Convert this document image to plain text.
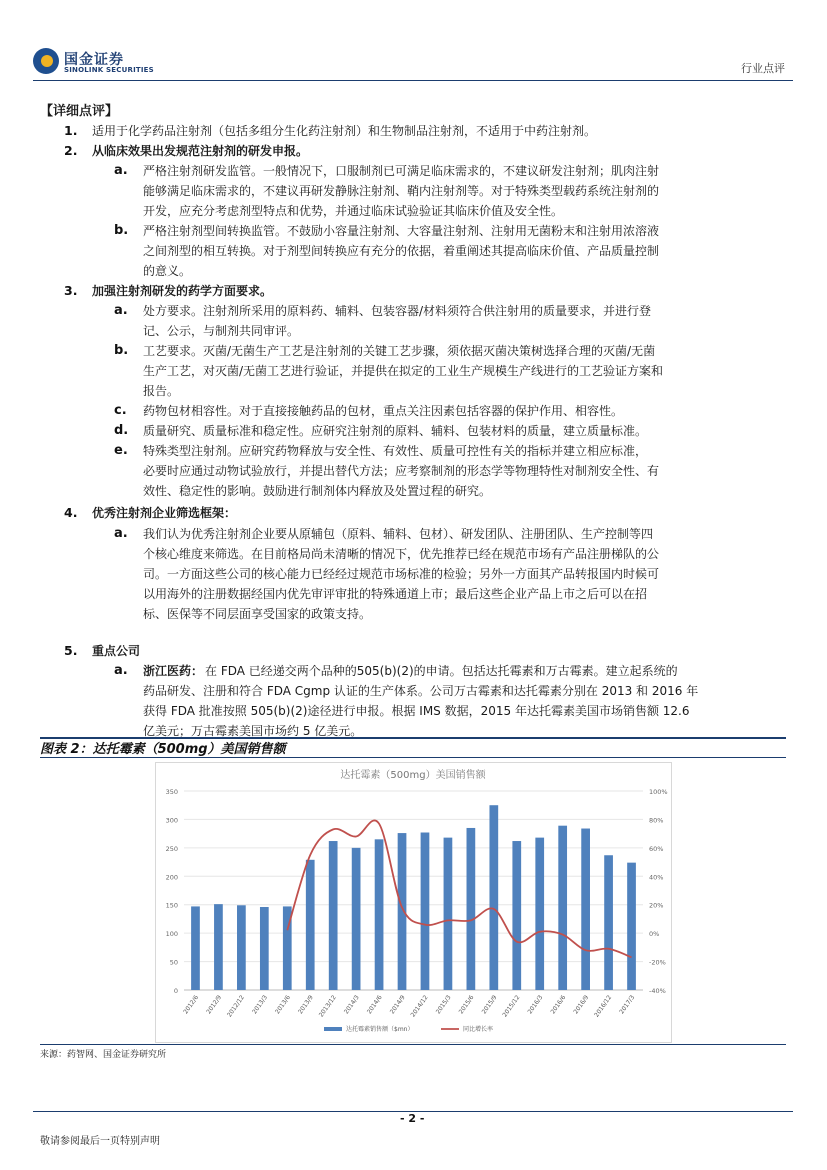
国金证券
SINOLINK SECURITIES	行业点评
【详细点评】
1. 适用于化学药品注射剂（包括多组分生化药注射剂）和生物制品注射剂，不适用于中药注射剂。
2. 从临床效果出发规范注射剂的研发申报。
a. 严格注射剂研发监管。一般情况下，口服制剂已可满足临床需求的，不建议研发注射剂；肌肉注射
能够满足临床需求的，不建议再研发静脉注射剂、鞘内注射剂等。对于特殊类型载药系统注射剂的
开发，应充分考虑剂型特点和优势，并通过临床试验验证其临床价值及安全性。
b. 严格注射剂型间转换监管。不鼓励小容量注射剂、大容量注射剂、注射用无菌粉末和注射用浓溶液
之间剂型的相互转换。对于剂型间转换应有充分的依据，着重阐述其提高临床价值、产品质量控制
的意义。
3. 加强注射剂研发的药学方面要求。
a. 处方要求。注射剂所采用的原料药、辅料、包装容器/材料须符合供注射用的质量要求，并进行登
记、公示，与制剂共同审评。
b. 工艺要求。灭菌/无菌生产工艺是注射剂的关键工艺步骤，须依据灭菌决策树选择合理的灭菌/无菌
生产工艺，对灭菌/无菌工艺进行验证，并提供在拟定的工业生产规模生产线进行的工艺验证方案和
报告。
c. 药物包材相容性。对于直接接触药品的包材，重点关注因素包括容器的保护作用、相容性。
d. 质量研究、质量标准和稳定性。应研究注射剂的原料、辅料、包装材料的质量，建立质量标准。
e. 特殊类型注射剂。应研究药物释放与安全性、有效性、质量可控性有关的指标并建立相应标准，
必要时应通过动物试验放行，并提出替代方法；应考察制剂的形态学等物理特性对制剂安全性、有
效性、稳定性的影响。鼓励进行制剂体内释放及处置过程的研究。
4. 优秀注射剂企业筛选框架：
a. 我们认为优秀注射剂企业要从原辅包（原料、辅料、包材）、研发团队、注册团队、生产控制等四
个核心维度来筛选。在目前格局尚未清晰的情况下，优先推荐已经在规范市场有产品注册梯队的公
司。一方面这些公司的核心能力已经经过规范市场标准的检验；另外一方面其产品转报国内时候可
以用海外的注册数据经国内优先审评审批的特殊通道上市；最后这些企业产品上市之后可以在招
标、医保等不同层面享受国家的政策支持。
5. 重点公司
a. 浙江医药：
药品研发、注册和符合 FDA Cgmp 认证的生产体系。公司万古霉素和达托霉素分别在 2013 和 2016 年
获得 FDA 批准按照 505(b)(2)途径进行申报。根据 IMS 数据，2015 年达托霉素美国市场销售额 12.6
亿美元；万古霉素美国市场约 5 亿美元。
在 FDA 已经递交两个品种的505(b)(2)的申请。包括达托霉素和万古霉素。建立起系统的
图表 2：达托霉素（500mg）美国销售额
达托霉素（500mg）美国销售额
0
50
100
150
200
250
300
350
-40%
-20%
0%
20%
40%
60%
80%
100%
2012/6 2012/9 2012/12 2013/3 2013/6 2013/9 2013/12 2014/3 2014/6 2014/9 2014/12 2015/3 2015/6 2015/9 2015/12 2016/3 2016/6 2016/9 2016/12 2017/3
达托霉素销售额（$mn）	同比增长率
来源：药智网、国金证券研究所
- 2 -
敬请参阅最后一页特别声明
